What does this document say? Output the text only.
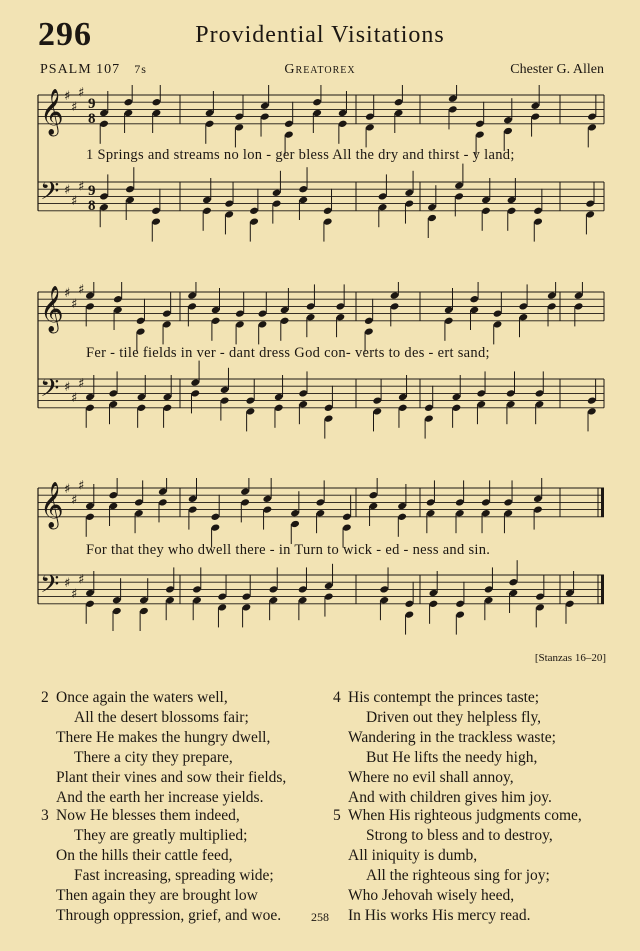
296	Providential Visitations
PSALM 107 7s	Greatorex	Chester G. Allen
𝄞 ♯
♯
♯
9
8
𝄢 ♯
♯
♯ 9
8
1 Springs and streams no lon - ger bless All the dry and thirst - y land;
𝄞 ♯
♯
♯
𝄢 ♯
♯
♯
Fer - tile fields in ver - dant dress God con- verts to des - ert sand;
𝄞 ♯
♯
♯
𝄢 ♯
♯
♯
For that they who dwell there - in Turn to wick - ed - ness and sin.
[Stanzas 16–20]
2 Once again the waters well,
All the desert blossoms fair;
There He makes the hungry dwell,
There a city they prepare,
Plant their vines and sow their fields,
And the earth her increase yields.
3 Now He blesses them indeed,
They are greatly multiplied;
On the hills their cattle feed,
Fast increasing, spreading wide;
Then again they are brought low
Through oppression, grief, and woe.
4 His contempt the princes taste;
Driven out they helpless fly,
Wandering in the trackless waste;
But He lifts the needy high,
Where no evil shall annoy,
And with children gives him joy.
5 When His righteous judgments come,
Strong to bless and to destroy,
All iniquity is dumb,
All the righteous sing for joy;
Who Jehovah wisely heed,
In His works His mercy read.
258
